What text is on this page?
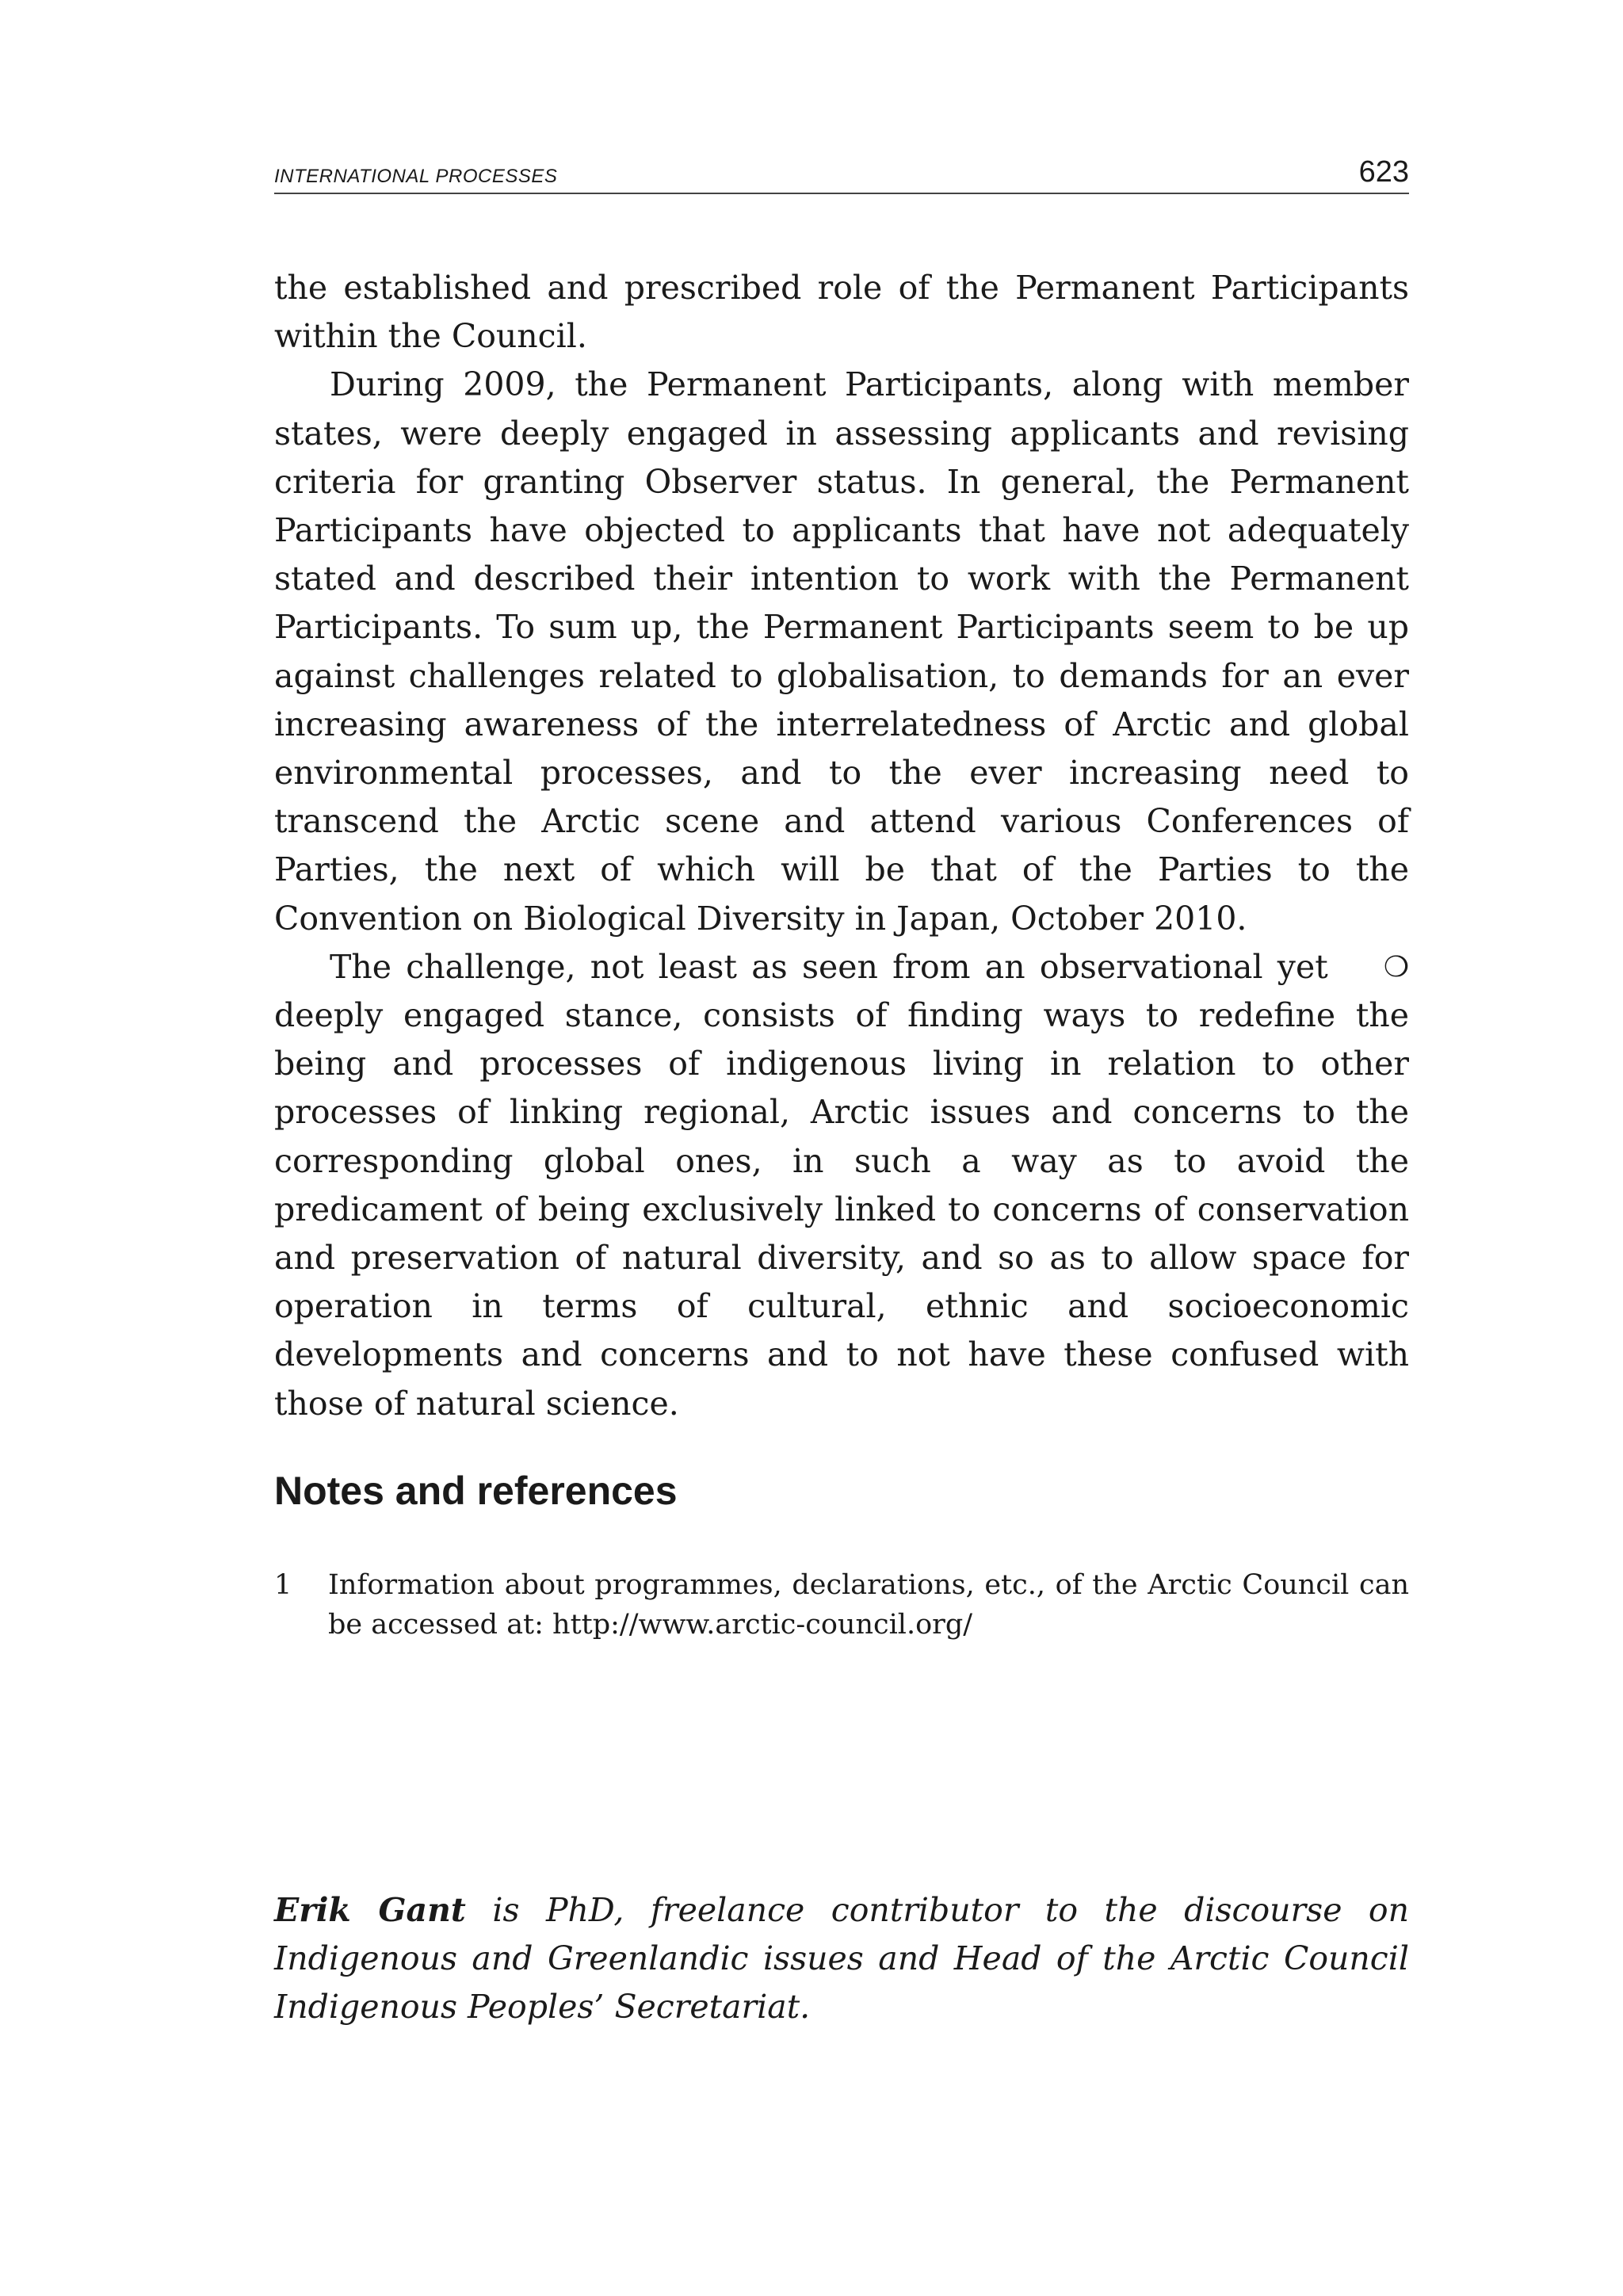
INTERNATIONAL PROCESSES	623

the established and prescribed role of the Permanent Participants within the Council.

During 2009, the Permanent Participants, along with member states, were deeply engaged in assessing applicants and revising criteria for granting Observer status. In general, the Permanent Participants have objected to applicants that have not adequately stated and described their intention to work with the Permanent Participants. To sum up, the Permanent Participants seem to be up against challenges related to globalisation, to demands for an ever increasing awareness of the interrelatedness of Arctic and global environmental processes, and to the ever increasing need to transcend the Arctic scene and attend various Conferences of Parties, the next of which will be that of the Parties to the Convention on Biological Diversity in Japan, October 2010.

❍
The challenge, not least as seen from an observational yet deeply engaged stance, consists of finding ways to redefine the being and processes of indigenous living in relation to other processes of linking regional, Arctic issues and concerns to the corresponding global ones, in such a way as to avoid the predicament of being exclusively linked to concerns of conservation and preservation of natural diversity, and so as to allow space for operation in terms of cultural, ethnic and socioeconomic developments and concerns and to not have these confused with those of natural science.

Notes and references
1 Information about programmes, declarations, etc., of the Arctic Council can be accessed at: http://www.arctic-council.org/

Erik Gant is PhD, freelance contributor to the discourse on Indigenous and Greenlandic issues and Head of the Arctic Council Indigenous Peoples’ Secretariat.
